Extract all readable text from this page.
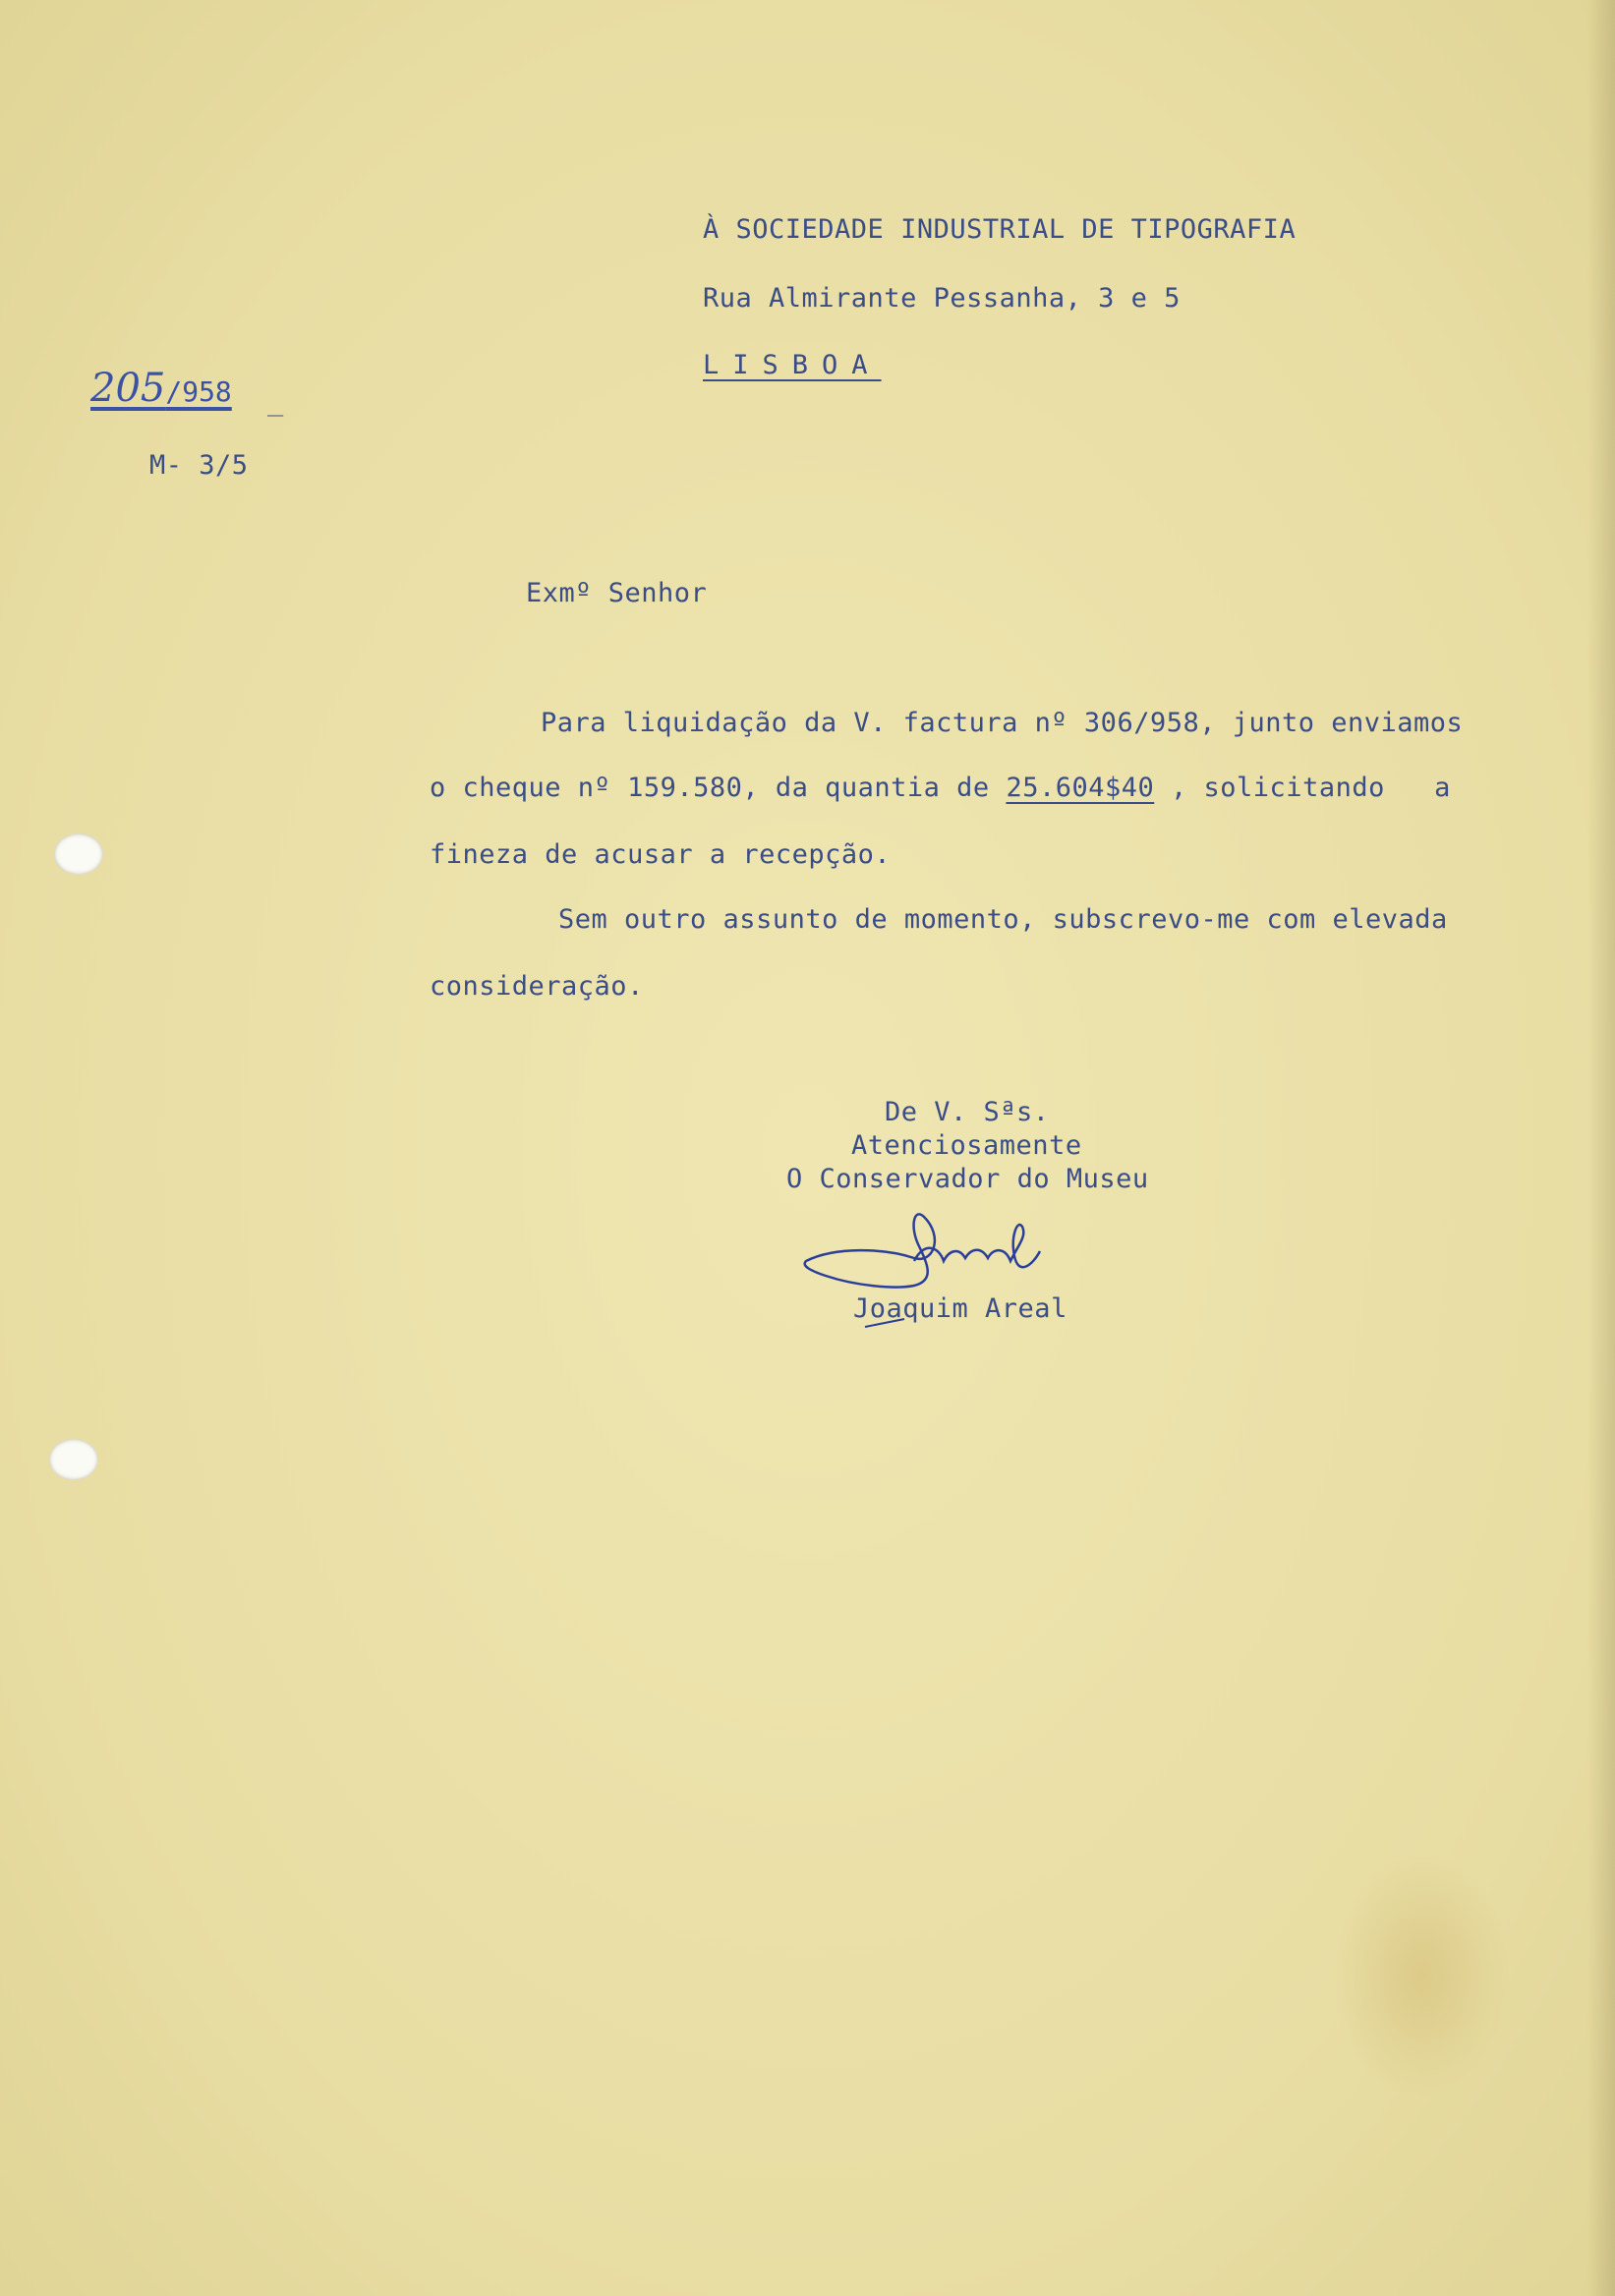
À SOCIEDADE INDUSTRIAL DE TIPOGRAFIA
Rua Almirante Pessanha, 3 e 5
LISBOA
205/958 _
M- 3/5
Exmº Senhor
Para liquidação da V. factura nº 306/958, junto enviamos
o cheque nº 159.580, da quantia de 25.604$40 , solicitando   a
fineza de acusar a recepção.
Sem outro assunto de momento, subscrevo-me com elevada
consideração.
De V. Sªs.
Atenciosamente
O Conservador do Museu
Joaquim Areal
